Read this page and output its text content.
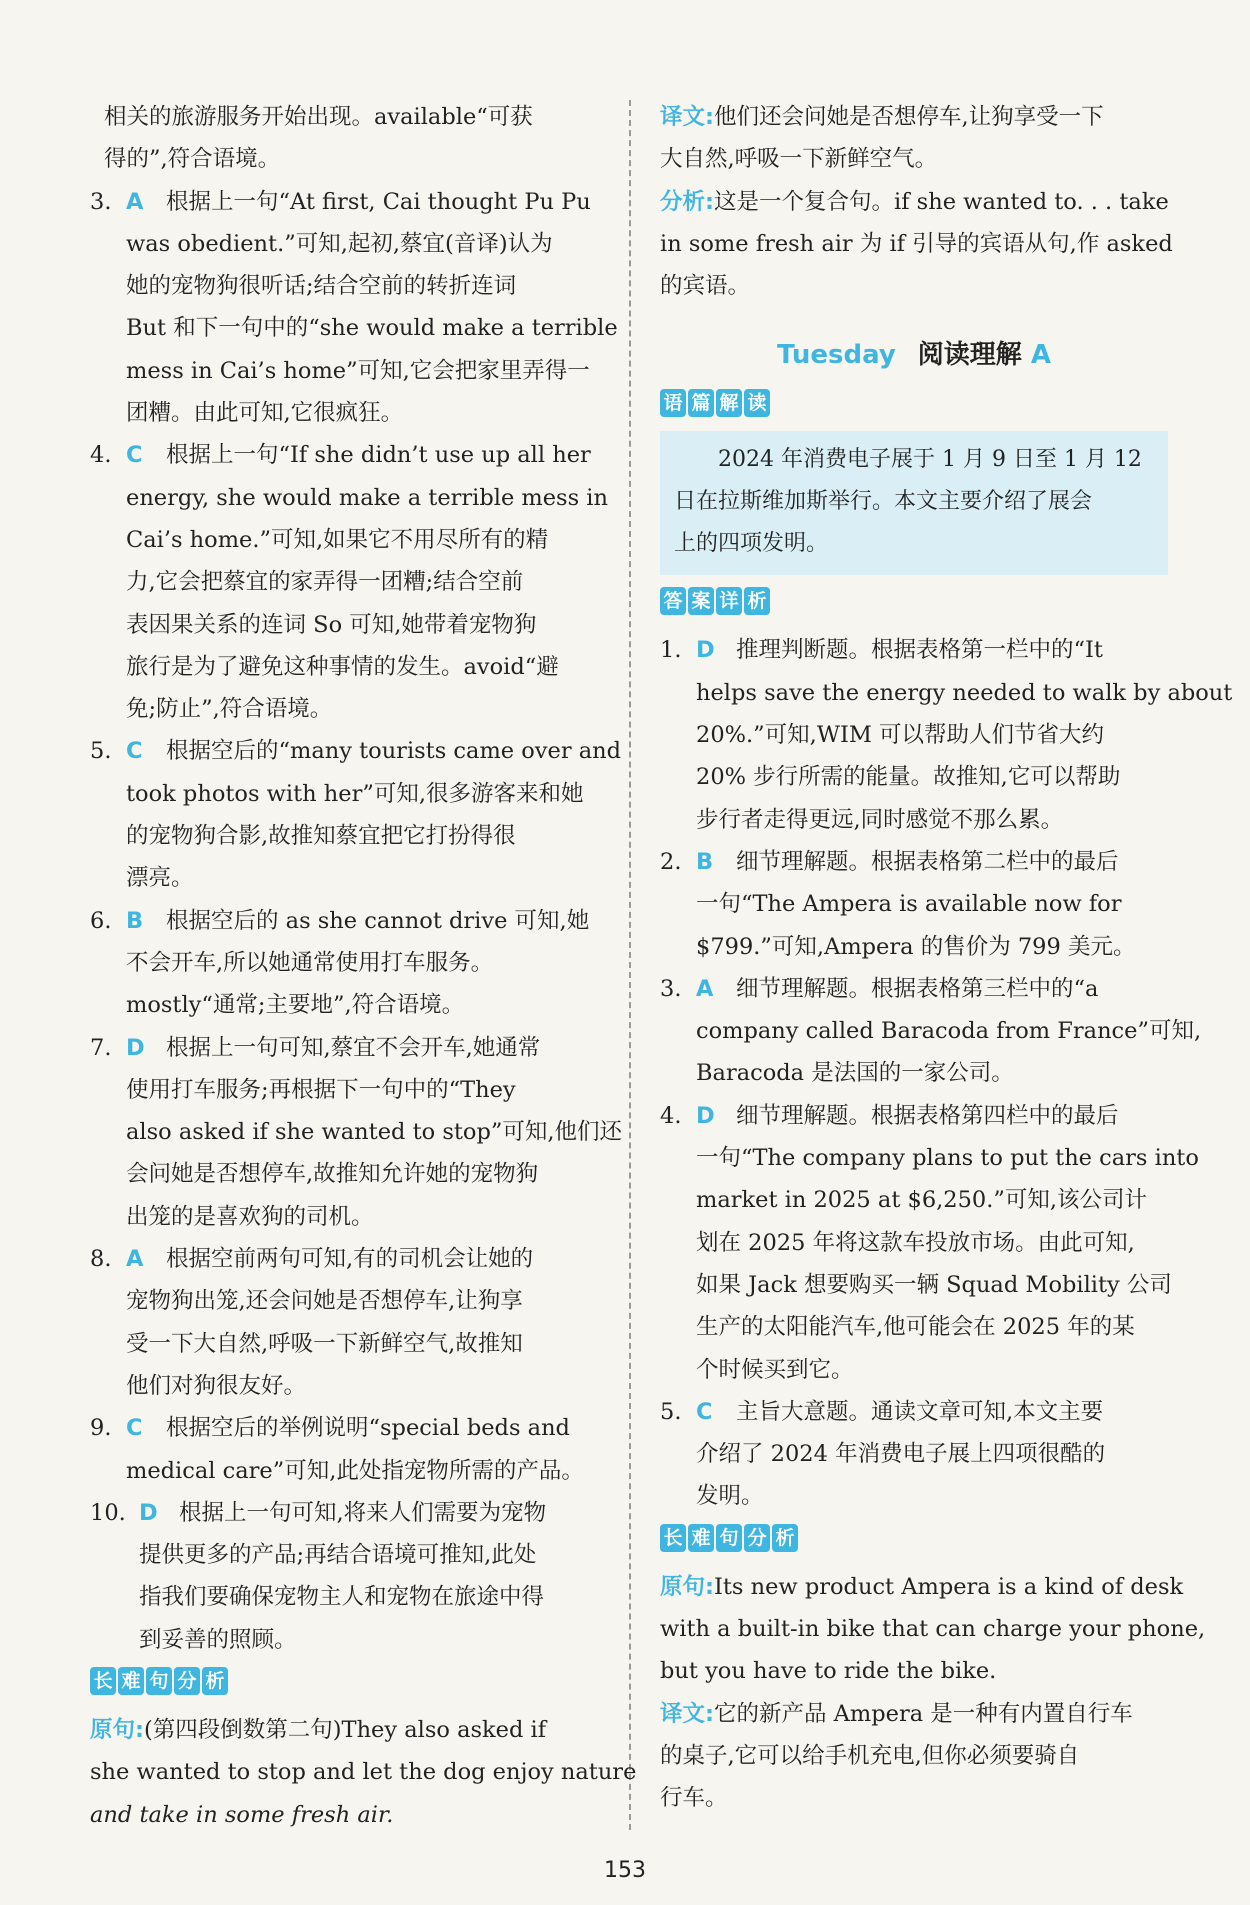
相关的旅游服务开始出现。available“可获
得的”,符合语境。
3. A 根据上一句“At first, Cai thought Pu Pu
was obedient.”可知,起初,蔡宜(音译)认为
她的宠物狗很听话;结合空前的转折连词
But 和下一句中的“she would make a terrible
mess in Cai’s home”可知,它会把家里弄得一
团糟。由此可知,它很疯狂。
4. C 根据上一句“If she didn’t use up all her
energy, she would make a terrible mess in
Cai’s home.”可知,如果它不用尽所有的精
力,它会把蔡宜的家弄得一团糟;结合空前
表因果关系的连词 So 可知,她带着宠物狗
旅行是为了避免这种事情的发生。avoid“避
免;防止”,符合语境。
5. C 根据空后的“many tourists came over and
took photos with her”可知,很多游客来和她
的宠物狗合影,故推知蔡宜把它打扮得很
漂亮。
6. B 根据空后的 as she cannot drive 可知,她
不会开车,所以她通常使用打车服务。
mostly“通常;主要地”,符合语境。
7. D 根据上一句可知,蔡宜不会开车,她通常
使用打车服务;再根据下一句中的“They
also asked if she wanted to stop”可知,他们还
会问她是否想停车,故推知允许她的宠物狗
出笼的是喜欢狗的司机。
8. A 根据空前两句可知,有的司机会让她的
宠物狗出笼,还会问她是否想停车,让狗享
受一下大自然,呼吸一下新鲜空气,故推知
他们对狗很友好。
9. C 根据空后的举例说明“special beds and
medical care”可知,此处指宠物所需的产品。
10. D 根据上一句可知,将来人们需要为宠物
提供更多的产品;再结合语境可推知,此处
指我们要确保宠物主人和宠物在旅途中得
到妥善的照顾。
长 难 句 分 析
原句:(第四段倒数第二句)They also asked if
she wanted to stop and let the dog enjoy nature
and take in some fresh air.
译文:他们还会问她是否想停车,让狗享受一下
大自然,呼吸一下新鲜空气。
分析:这是一个复合句。if she wanted to. . . take
in some fresh air 为 if 引导的宾语从句,作 asked
的宾语。
Tuesday 阅读理解 A
语 篇 解 读
2024 年消费电子展于 1 月 9 日至 1 月 12
日在拉斯维加斯举行。本文主要介绍了展会
上的四项发明。
答 案 详 析
1. D 推理判断题。根据表格第一栏中的“It
helps save the energy needed to walk by about
20%.”可知,WIM 可以帮助人们节省大约
20% 步行所需的能量。故推知,它可以帮助
步行者走得更远,同时感觉不那么累。
2. B 细节理解题。根据表格第二栏中的最后
一句“The Ampera is available now for
$799.”可知,Ampera 的售价为 799 美元。
3. A 细节理解题。根据表格第三栏中的“a
company called Baracoda from France”可知,
Baracoda 是法国的一家公司。
4. D 细节理解题。根据表格第四栏中的最后
一句“The company plans to put the cars into
market in 2025 at $6,250.”可知,该公司计
划在 2025 年将这款车投放市场。由此可知,
如果 Jack 想要购买一辆 Squad Mobility 公司
生产的太阳能汽车,他可能会在 2025 年的某
个时候买到它。
5. C 主旨大意题。通读文章可知,本文主要
介绍了 2024 年消费电子展上四项很酷的
发明。
长 难 句 分 析
原句:Its new product Ampera is a kind of desk
with a built-in bike that can charge your phone,
but you have to ride the bike.
译文:它的新产品 Ampera 是一种有内置自行车
的桌子,它可以给手机充电,但你必须要骑自
行车。
153
